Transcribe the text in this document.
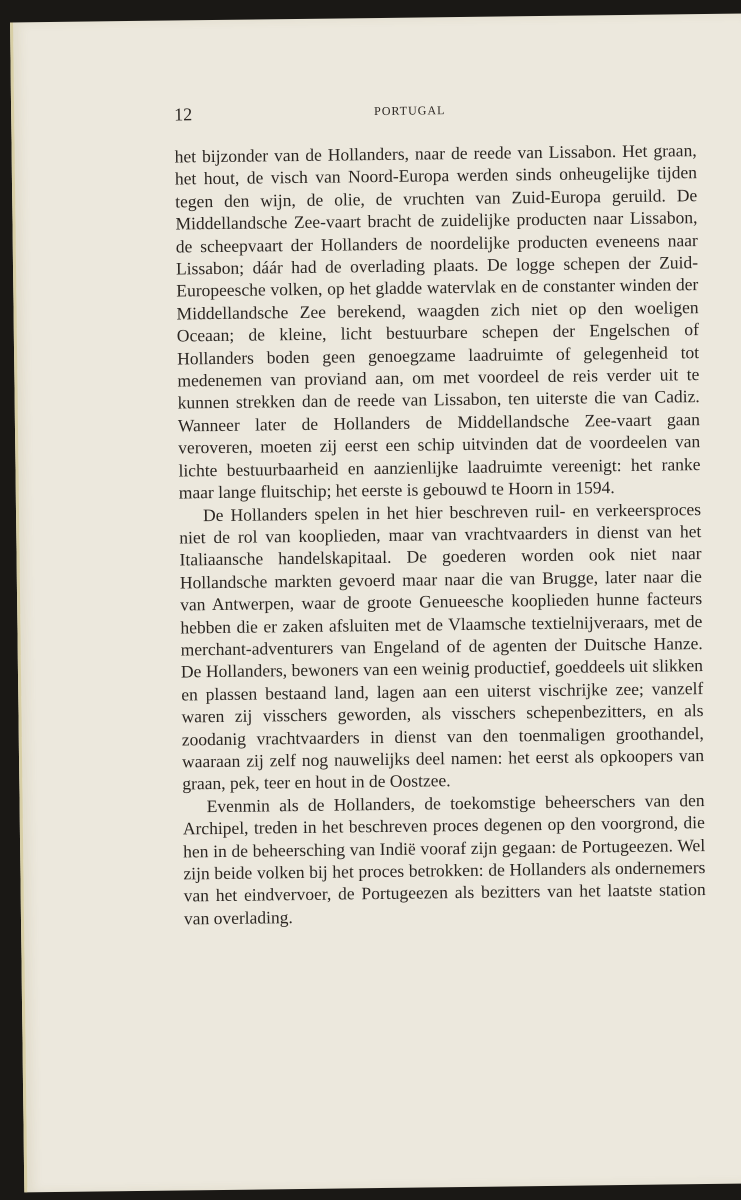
12	PORTUGAL

het bijzonder van de Hollanders, naar de reede van Lissabon. Het graan, het hout, de visch van Noord-Europa werden sinds onheugelijke tijden tegen den wijn, de olie, de vruchten van Zuid-Europa geruild. De Middellandsche Zee-vaart bracht de zuidelijke producten naar Lissabon, de scheepvaart der Hollanders de noordelijke producten eveneens naar Lissabon; dáár had de overlading plaats. De logge schepen der Zuid-Europeesche volken, op het gladde watervlak en de constanter winden der Middellandsche Zee berekend, waagden zich niet op den woeligen Oceaan; de kleine, licht bestuurbare schepen der Engelschen of Hollanders boden geen genoegzame laadruimte of gelegenheid tot medenemen van proviand aan, om met voordeel de reis verder uit te kunnen strekken dan de reede van Lissabon, ten uiterste die van Cadiz. Wanneer later de Hollanders de Middellandsche Zee-vaart gaan veroveren, moeten zij eerst een schip uitvinden dat de voordeelen van lichte bestuurbaarheid en aanzienlijke laadruimte vereenigt: het ranke maar lange fluitschip; het eerste is gebouwd te Hoorn in 1594.

De Hollanders spelen in het hier beschreven ruil- en verkeersproces niet de rol van kooplieden, maar van vrachtvaarders in dienst van het Italiaansche handelskapitaal. De goederen worden ook niet naar Hollandsche markten gevoerd maar naar die van Brugge, later naar die van Antwerpen, waar de groote Genueesche kooplieden hunne facteurs hebben die er zaken afsluiten met de Vlaamsche textielnijveraars, met de merchant-adventurers van Engeland of de agenten der Duitsche Hanze. De Hollanders, bewoners van een weinig productief, goeddeels uit slikken en plassen bestaand land, lagen aan een uiterst vischrijke zee; vanzelf waren zij visschers geworden, als visschers schepenbezitters, en als zoodanig vrachtvaarders in dienst van den toenmaligen groothandel, waaraan zij zelf nog nauwelijks deel namen: het eerst als opkoopers van graan, pek, teer en hout in de Oostzee.

Evenmin als de Hollanders, de toekomstige beheerschers van den Archipel, treden in het beschreven proces degenen op den voorgrond, die hen in de beheersching van Indië vooraf zijn gegaan: de Portugeezen. Wel zijn beide volken bij het proces betrokken: de Hollanders als ondernemers van het eindvervoer, de Portugeezen als bezitters van het laatste station van overlading.
